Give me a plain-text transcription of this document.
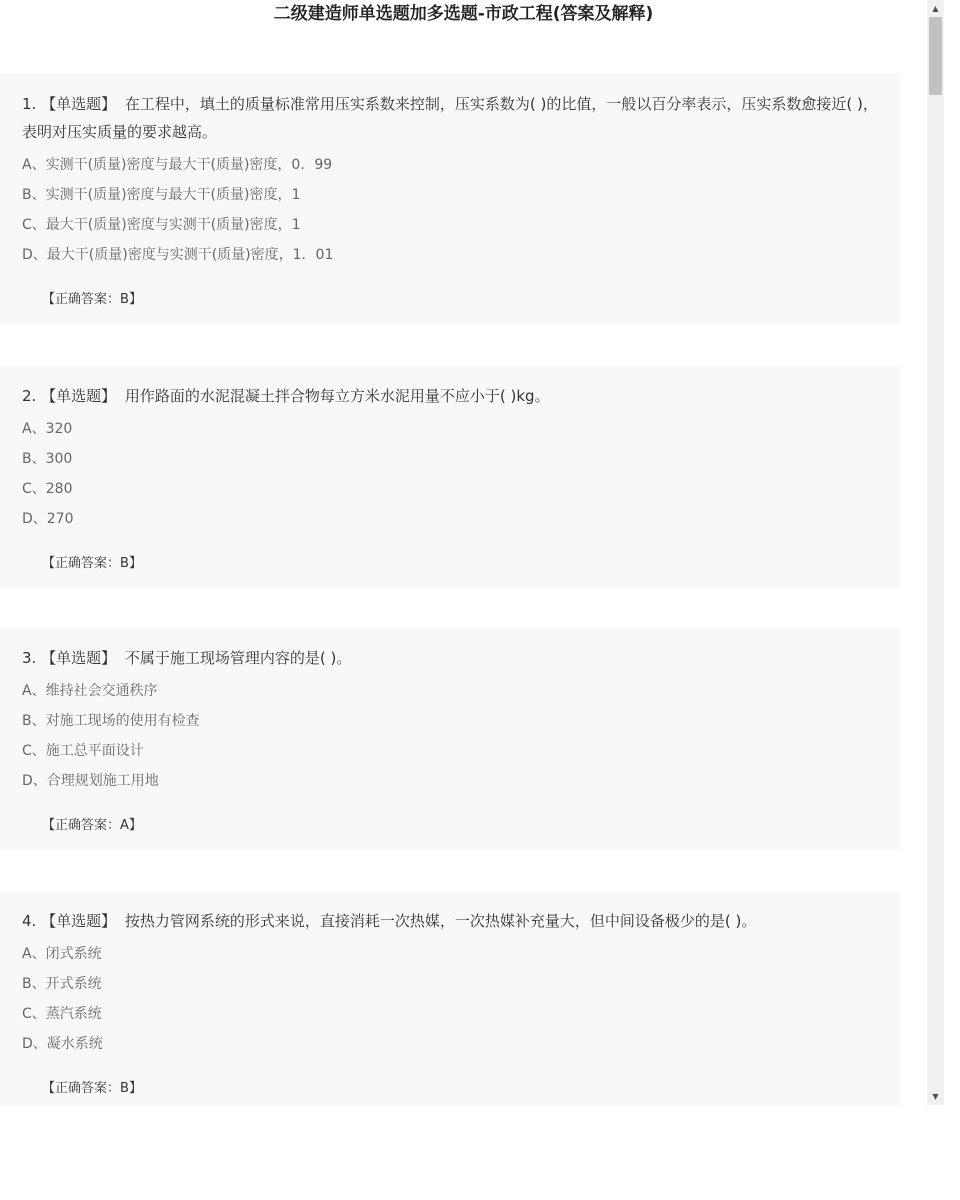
二级建造师单选题加多选题-市政工程(答案及解释)
1. 【单选题】 在工程中，填土的质量标准常用压实系数来控制，压实系数为( )的比值，一般以百分率表示，压实系数愈接近( )，表明对压实质量的要求越高。
A、实测干(质量)密度与最大干(质量)密度，0．99
B、实测干(质量)密度与最大干(质量)密度，1
C、最大干(质量)密度与实测干(质量)密度，1
D、最大干(质量)密度与实测干(质量)密度，1．01
【正确答案：B】
2. 【单选题】 用作路面的水泥混凝土拌合物每立方米水泥用量不应小于( )kg。
A、320
B、300
C、280
D、270
【正确答案：B】
3. 【单选题】 不属于施工现场管理内容的是( )。
A、维持社会交通秩序
B、对施工现场的使用有检查
C、施工总平面设计
D、合理规划施工用地
【正确答案：A】
4. 【单选题】 按热力管网系统的形式来说，直接消耗一次热媒，一次热媒补充量大，但中间设备极少的是( )。
A、闭式系统
B、开式系统
C、蒸汽系统
D、凝水系统
【正确答案：B】
▲
▼
